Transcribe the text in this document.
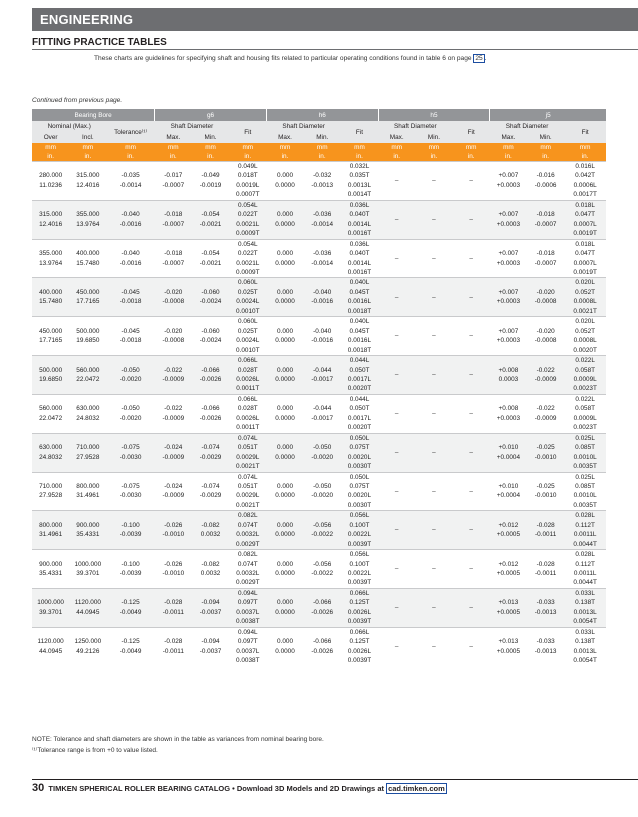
ENGINEERING
FITTING PRACTICE TABLES
These charts are guidelines for specifying shaft and housing fits related to particular operating conditions found in table 6 on page 25 .
Continued from previous page.
Bearing Bore			g6			h6			h5			j5		
Nominal (Max.)		Tolerance⁽¹⁾	Shaft Diameter		Fit	Shaft Diameter		Fit	Shaft Diameter		Fit	Shaft Diameter		Fit
Over	Incl.		Max.	Min.		Max.	Min.		Max.	Min.		Max.	Min.	
mm	mm	mm	mm	mm	mm	mm	mm	mm	mm	mm	mm	mm	mm	mm
in.	in.	in.	in.	in.	in.	in.	in.	in.	in.	in.	in.	in.	in.	in.
					0.049L			0.032L	–	–	–			0.016L
280.000	315.000	-0.035	-0.017	-0.049	0.018T	0.000	-0.032	0.035T				+0.007	-0.016	0.042T
11.0236	12.4016	-0.0014	-0.0007	-0.0019	0.0019L	0.0000	-0.0013	0.0013L				+0.0003	-0.0006	0.0006L
					0.0007T			0.0014T						0.0017T
					0.054L			0.036L	–	–	–			0.018L
315.000	355.000	-0.040	-0.018	-0.054	0.022T	0.000	-0.036	0.040T				+0.007	-0.018	0.047T
12.4016	13.9764	-0.0016	-0.0007	-0.0021	0.0021L	0.0000	-0.0014	0.0014L				+0.0003	-0.0007	0.0007L
					0.0009T			0.0016T						0.0019T
					0.054L			0.036L	–	–	–			0.018L
355.000	400.000	-0.040	-0.018	-0.054	0.022T	0.000	-0.036	0.040T				+0.007	-0.018	0.047T
13.9764	15.7480	-0.0016	-0.0007	-0.0021	0.0021L	0.0000	-0.0014	0.0014L				+0.0003	-0.0007	0.0007L
					0.0009T			0.0016T						0.0019T
					0.060L			0.040L	–	–	–			0.020L
400.000	450.000	-0.045	-0.020	-0.060	0.025T	0.000	-0.040	0.045T				+0.007	-0.020	0.052T
15.7480	17.7165	-0.0018	-0.0008	-0.0024	0.0024L	0.0000	-0.0016	0.0016L				+0.0003	-0.0008	0.0008L
					0.0010T			0.0018T						0.0021T
					0.060L			0.040L	–	–	–			0.020L
450.000	500.000	-0.045	-0.020	-0.060	0.025T	0.000	-0.040	0.045T				+0.007	-0.020	0.052T
17.7165	19.6850	-0.0018	-0.0008	-0.0024	0.0024L	0.0000	-0.0016	0.0016L				+0.0003	-0.0008	0.0008L
					0.0010T			0.0018T						0.0020T
					0.066L			0.044L	–	–	–			0.022L
500.000	560.000	-0.050	-0.022	-0.066	0.028T	0.000	-0.044	0.050T				+0.008	-0.022	0.058T
19.6850	22.0472	-0.0020	-0.0009	-0.0026	0.0026L	0.0000	-0.0017	0.0017L				0.0003	-0.0009	0.0009L
					0.0011T			0.0020T						0.0023T
					0.066L			0.044L	–	–	–			0.022L
560.000	630.000	-0.050	-0.022	-0.066	0.028T	0.000	-0.044	0.050T				+0.008	-0.022	0.058T
22.0472	24.8032	-0.0020	-0.0009	-0.0026	0.0026L	0.0000	-0.0017	0.0017L				+0.0003	-0.0009	0.0009L
					0.0011T			0.0020T						0.0023T
					0.074L			0.050L	–	–	–			0.025L
630.000	710.000	-0.075	-0.024	-0.074	0.051T	0.000	-0.050	0.075T				+0.010	-0.025	0.085T
24.8032	27.9528	-0.0030	-0.0009	-0.0029	0.0029L	0.0000	-0.0020	0.0020L				+0.0004	-0.0010	0.0010L
					0.0021T			0.0030T						0.0035T
					0.074L			0.050L	–	–	–			0.025L
710.000	800.000	-0.075	-0.024	-0.074	0.051T	0.000	-0.050	0.075T				+0.010	-0.025	0.085T
27.9528	31.4961	-0.0030	-0.0009	-0.0029	0.0029L	0.0000	-0.0020	0.0020L				+0.0004	-0.0010	0.0010L
					0.0021T			0.0030T						0.0035T
					0.082L			0.056L	–	–	–			0.028L
800.000	900.000	-0.100	-0.026	-0.082	0.074T	0.000	-0.056	0.100T				+0.012	-0.028	0.112T
31.4961	35.4331	-0.0039	-0.0010	0.0032	0.0032L	0.0000	-0.0022	0.0022L				+0.0005	-0.0011	0.0011L
					0.0029T			0.0039T						0.0044T
					0.082L			0.056L	–	–	–			0.028L
900.000	1000.000	-0.100	-0.026	-0.082	0.074T	0.000	-0.056	0.100T				+0.012	-0.028	0.112T
35.4331	39.3701	-0.0039	-0.0010	0.0032	0.0032L	0.0000	-0.0022	0.0022L				+0.0005	-0.0011	0.0011L
					0.0029T			0.0039T						0.0044T
					0.094L			0.066L	–	–	–			0.033L
1000.000	1120.000	-0.125	-0.028	-0.094	0.097T	0.000	-0.066	0.125T				+0.013	-0.033	0.138T
39.3701	44.0945	-0.0049	-0.0011	-0.0037	0.0037L	0.0000	-0.0026	0.0026L				+0.0005	-0.0013	0.0013L
					0.0038T			0.0039T						0.0054T
					0.094L			0.066L	–	–	–			0.033L
1120.000	1250.000	-0.125	-0.028	-0.094	0.097T	0.000	-0.066	0.125T				+0.013	-0.033	0.138T
44.0945	49.2126	-0.0049	-0.0011	-0.0037	0.0037L	0.0000	-0.0026	0.0026L				+0.0005	-0.0013	0.0013L
					0.0038T			0.0039T						0.0054T
NOTE: Tolerance and shaft diameters are shown in the table as variances from nominal bearing bore.
⁽¹⁾Tolerance range is from +0 to value listed.
30 TIMKEN SPHERICAL ROLLER BEARING CATALOG • Download 3D Models and 2D Drawings at cad.timken.com
